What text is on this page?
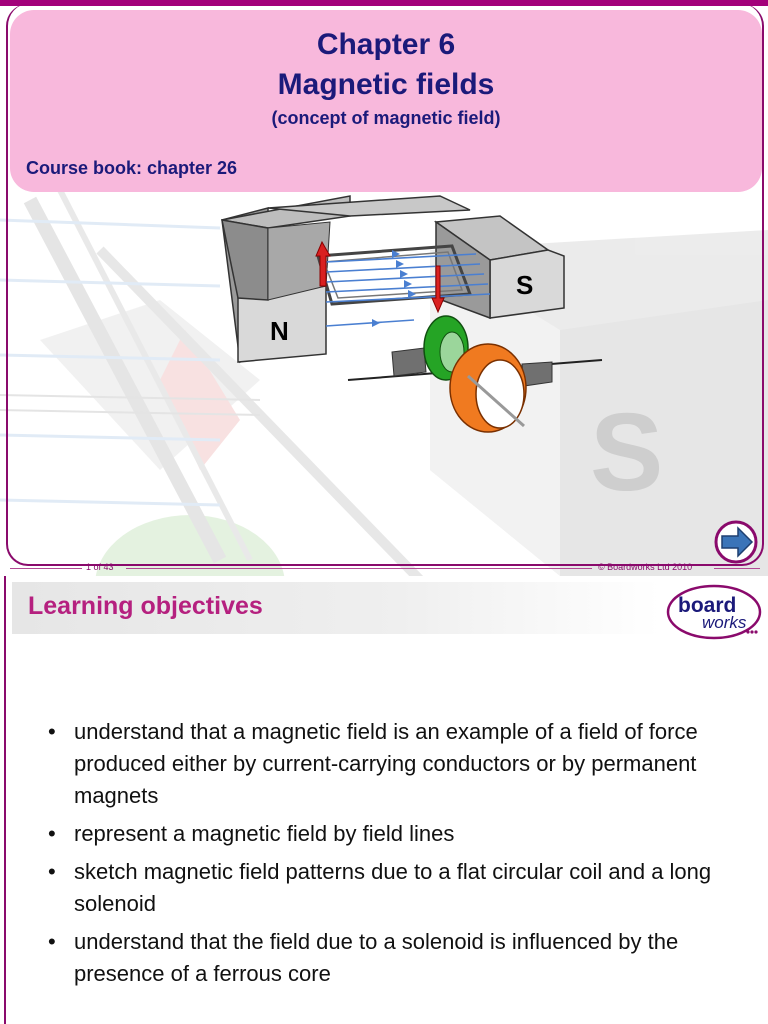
S
N
S
Chapter 6
Magnetic fields
(concept of magnetic field)
Course book: chapter 26
1 of 43	© Boardworks Ltd 2010
Learning objectives	board
works
• understand that a magnetic field is an example of a field of force produced either by current-carrying conductors or by permanent magnets
• represent a magnetic field by field lines
• sketch magnetic field patterns due to a flat circular coil and a long solenoid
• understand that the field due to a solenoid is influenced by the presence of a ferrous core
